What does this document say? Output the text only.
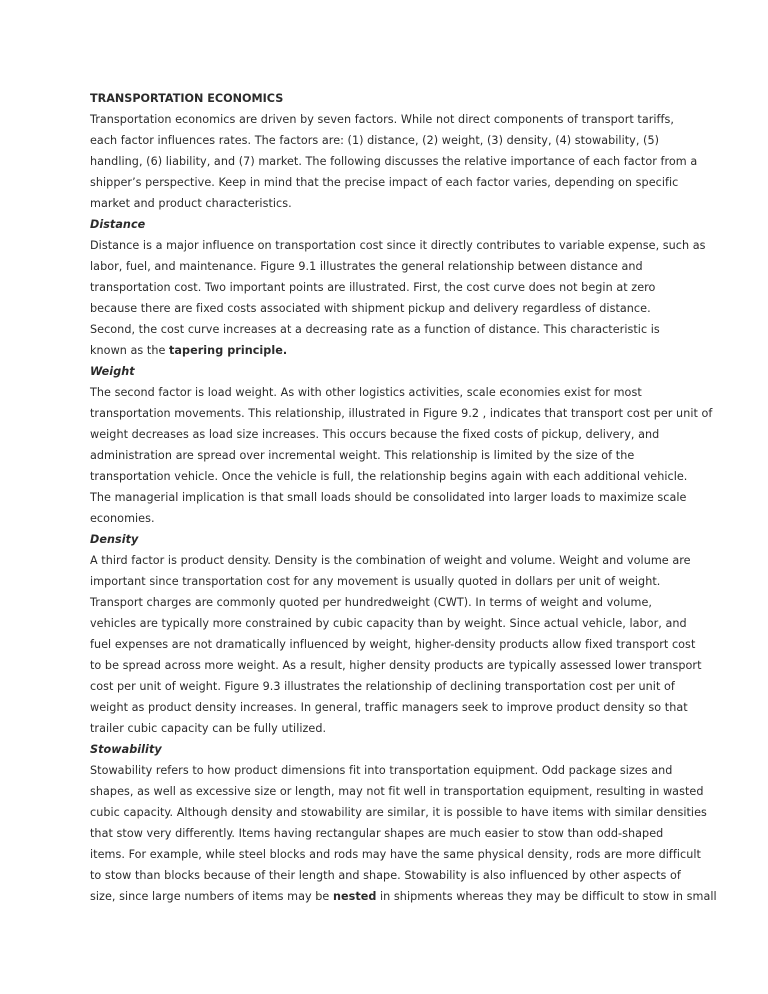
TRANSPORTATION ECONOMICS
Transportation economics are driven by seven factors. While not direct components of transport tariffs,
each factor influences rates. The factors are: (1) distance, (2) weight, (3) density, (4) stowability, (5)
handling, (6) liability, and (7) market. The following discusses the relative importance of each factor from a
shipper’s perspective. Keep in mind that the precise impact of each factor varies, depending on specific
market and product characteristics.
Distance
Distance is a major influence on transportation cost since it directly contributes to variable expense, such as
labor, fuel, and maintenance. Figure 9.1 illustrates the general relationship between distance and
transportation cost. Two important points are illustrated. First, the cost curve does not begin at zero
because there are fixed costs associated with shipment pickup and delivery regardless of distance.
Second, the cost curve increases at a decreasing rate as a function of distance. This characteristic is
known as the tapering principle.
Weight
The second factor is load weight. As with other logistics activities, scale economies exist for most
transportation movements. This relationship, illustrated in Figure 9.2 , indicates that transport cost per unit of
weight decreases as load size increases. This occurs because the fixed costs of pickup, delivery, and
administration are spread over incremental weight. This relationship is limited by the size of the
transportation vehicle. Once the vehicle is full, the relationship begins again with each additional vehicle.
The managerial implication is that small loads should be consolidated into larger loads to maximize scale
economies.
Density
A third factor is product density. Density is the combination of weight and volume. Weight and volume are
important since transportation cost for any movement is usually quoted in dollars per unit of weight.
Transport charges are commonly quoted per hundredweight (CWT). In terms of weight and volume,
vehicles are typically more constrained by cubic capacity than by weight. Since actual vehicle, labor, and
fuel expenses are not dramatically influenced by weight, higher-density products allow fixed transport cost
to be spread across more weight. As a result, higher density products are typically assessed lower transport
cost per unit of weight. Figure 9.3 illustrates the relationship of declining transportation cost per unit of
weight as product density increases. In general, traffic managers seek to improve product density so that
trailer cubic capacity can be fully utilized.
Stowability
Stowability refers to how product dimensions fit into transportation equipment. Odd package sizes and
shapes, as well as excessive size or length, may not fit well in transportation equipment, resulting in wasted
cubic capacity. Although density and stowability are similar, it is possible to have items with similar densities
that stow very differently. Items having rectangular shapes are much easier to stow than odd-shaped
items. For example, while steel blocks and rods may have the same physical density, rods are more difficult
to stow than blocks because of their length and shape. Stowability is also influenced by other aspects of
size, since large numbers of items may be nested in shipments whereas they may be difficult to stow in small
